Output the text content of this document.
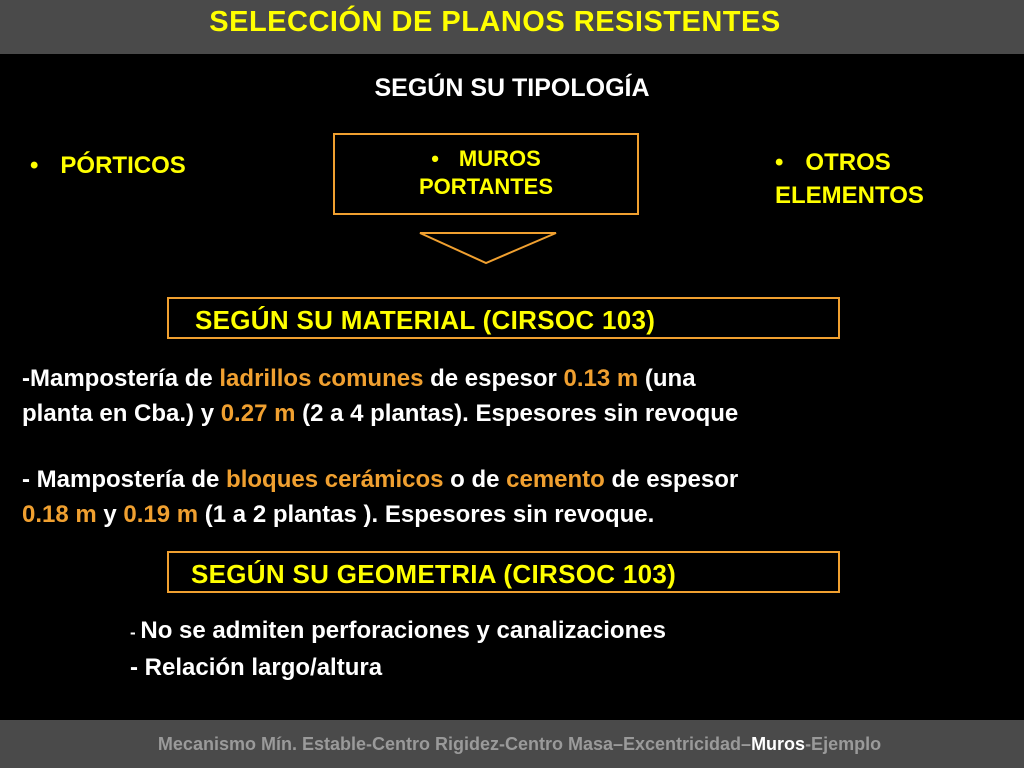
SELECCIÓN DE PLANOS RESISTENTES
SEGÚN SU TIPOLOGÍA
• PÓRTICOS	• MUROS
PORTANTES
• OTROS
ELEMENTOS
SEGÚN SU MATERIAL (CIRSOC 103)
-Mampostería de ladrillos comunes de espesor 0.13 m (una
planta en Cba.) y 0.27 m (2 a 4 plantas). Espesores sin revoque
- Mampostería de bloques cerámicos o de cemento de espesor
0.18 m y 0.19 m (1 a 2 plantas ). Espesores sin revoque.
SEGÚN SU GEOMETRIA (CIRSOC 103)
- No se admiten perforaciones y canalizaciones
- Relación largo/altura
Mecanismo Mín. Estable-Centro Rigidez-Centro Masa–Excentricidad–Muros-Ejemplo
